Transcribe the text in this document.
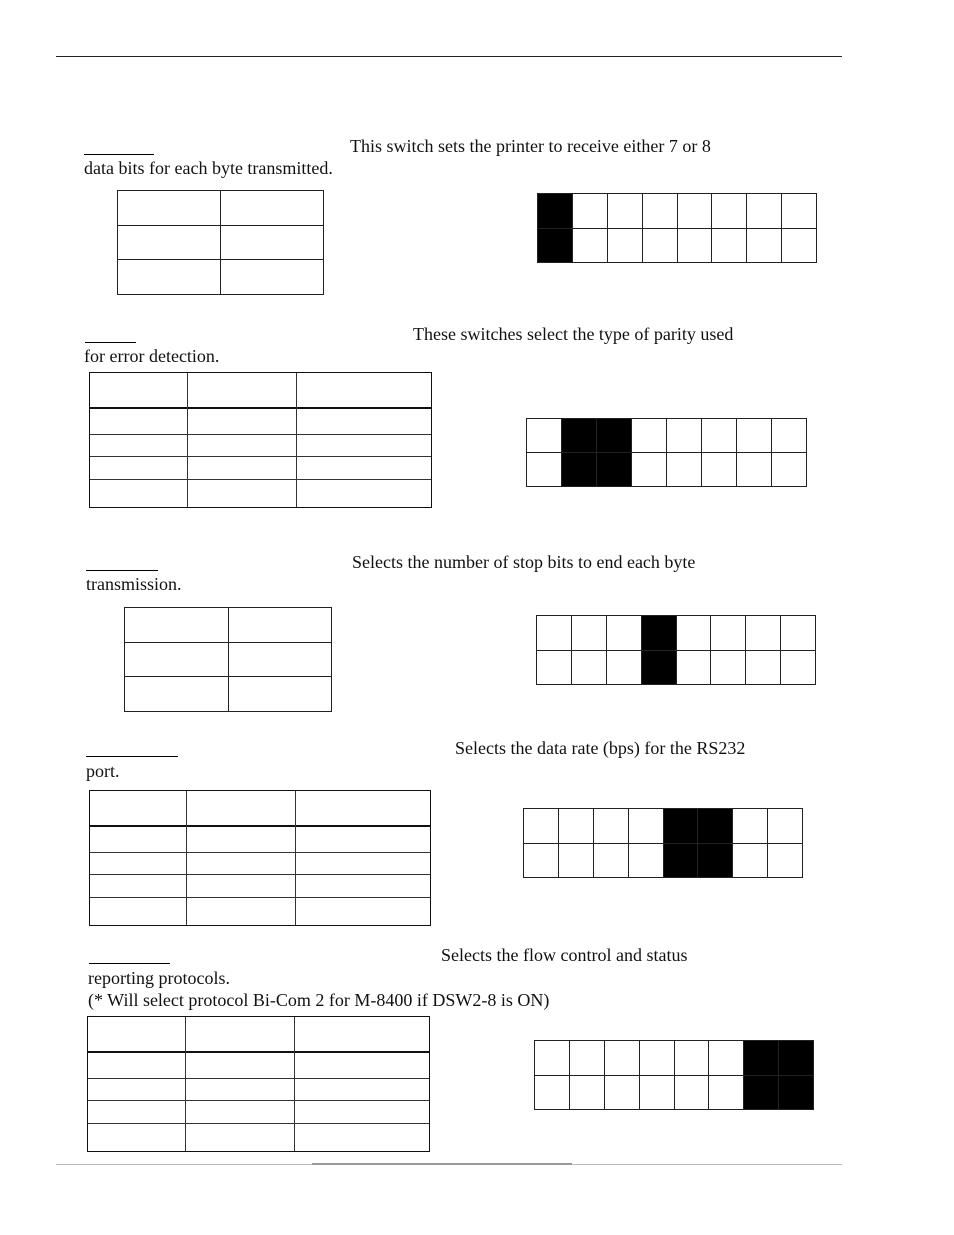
This switch sets the printer to receive either 7 or 8
data bits for each byte transmitted.

These switches select the type of parity used
for error detection.

Selects the number of stop bits to end each byte
transmission.

Selects the data rate (bps) for the RS232
port.

Selects the flow control and status
reporting protocols.
(* Will select protocol Bi-Com 2 for M-8400 if DSW2-8 is ON)
